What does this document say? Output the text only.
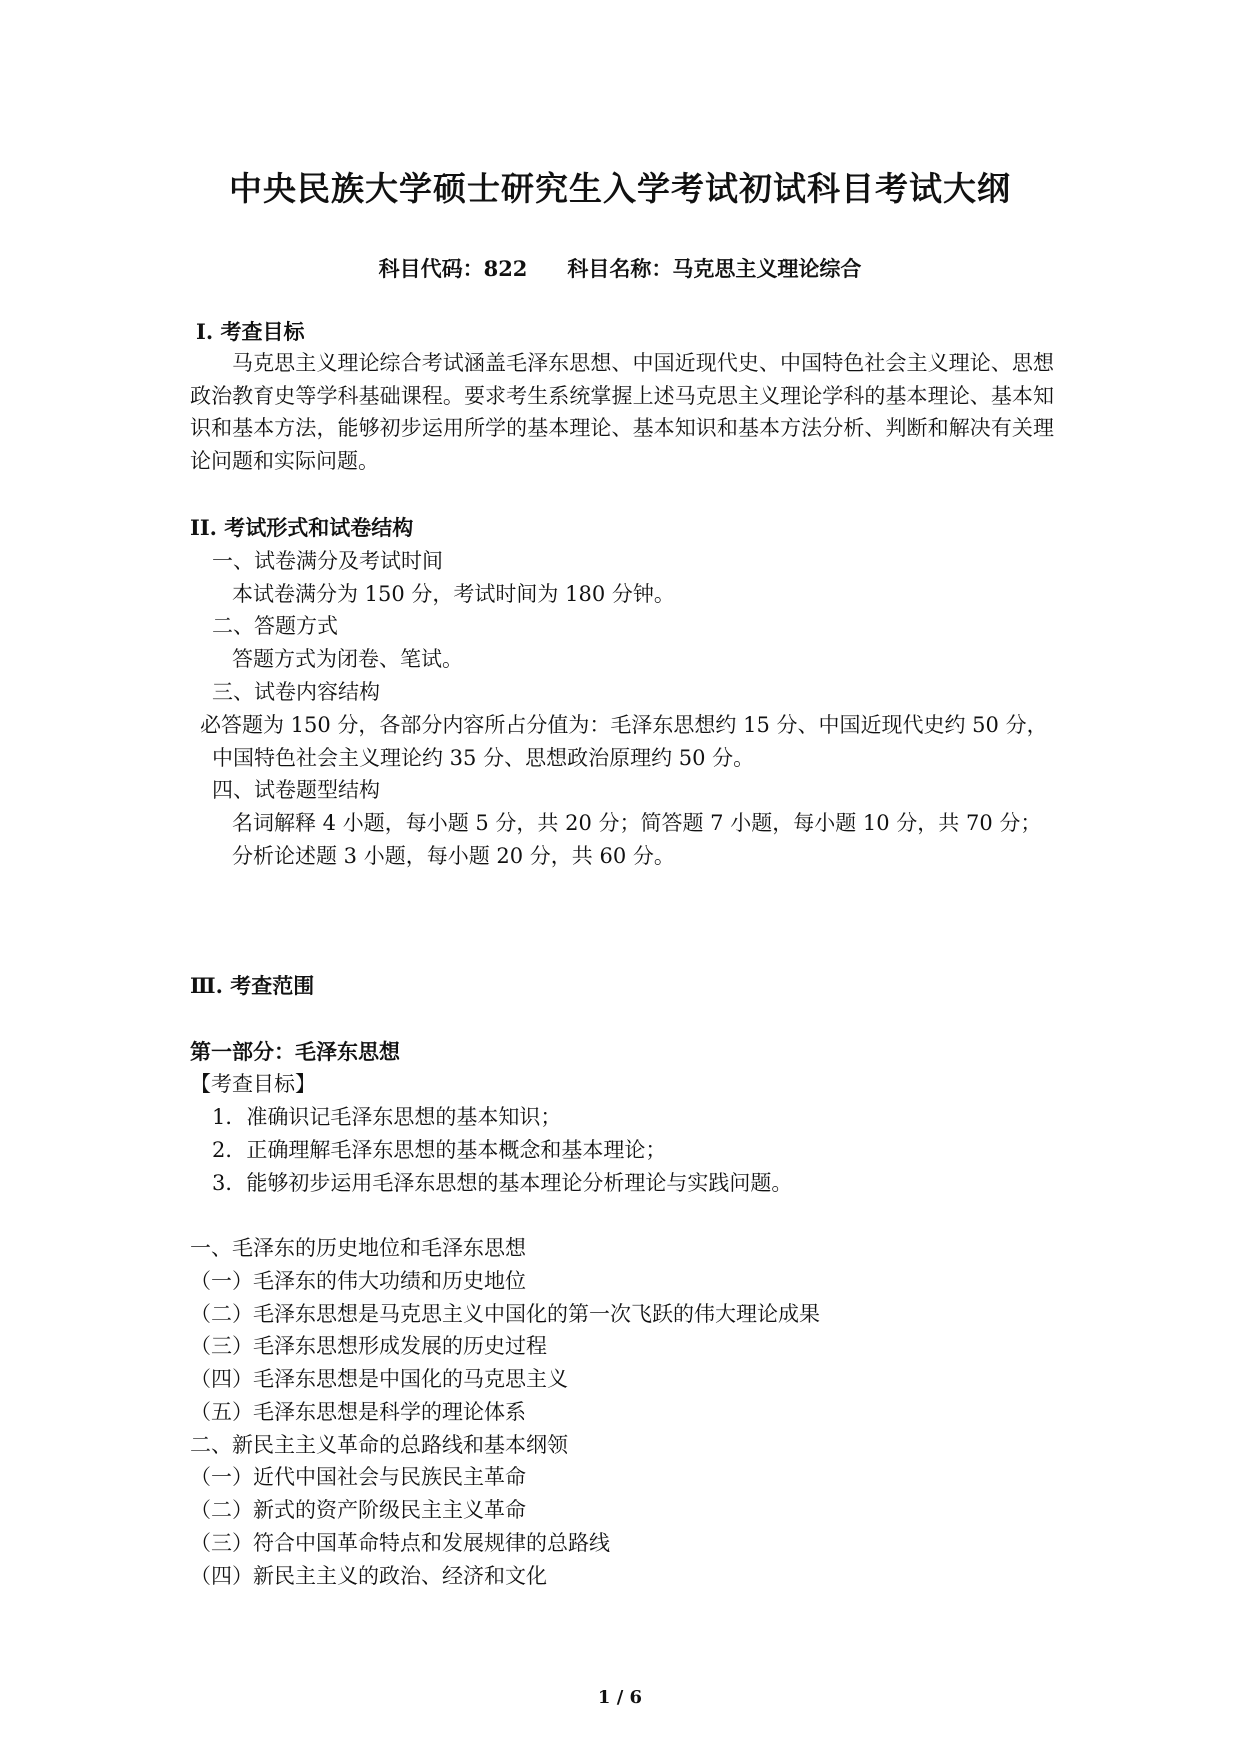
中央民族大学硕士研究生入学考试初试科目考试大纲
科目代码：822 科目名称：马克思主义理论综合
I. 考查目标
马克思主义理论综合考试涵盖毛泽东思想、中国近现代史、中国特色社会主义理论、思想政治教育史等学科基础课程。要求考生系统掌握上述马克思主义理论学科的基本理论、基本知识和基本方法，能够初步运用所学的基本理论、基本知识和基本方法分析、判断和解决有关理论问题和实际问题。
II. 考试形式和试卷结构
一、试卷满分及考试时间
本试卷满分为 150 分，考试时间为 180 分钟。
二、答题方式
答题方式为闭卷、笔试。
三、试卷内容结构
必答题为 150 分，各部分内容所占分值为：毛泽东思想约 15 分、中国近现代史约 50 分，
中国特色社会主义理论约 35 分、思想政治原理约 50 分。
四、试卷题型结构
名词解释 4 小题，每小题 5 分，共 20 分；简答题 7 小题，每小题 10 分，共 70 分；
分析论述题 3 小题，每小题 20 分，共 60 分。
Ⅲ. 考查范围
第一部分：毛泽东思想
【考查目标】
1．准确识记毛泽东思想的基本知识；
2．正确理解毛泽东思想的基本概念和基本理论；
3．能够初步运用毛泽东思想的基本理论分析理论与实践问题。
一、毛泽东的历史地位和毛泽东思想
（一）毛泽东的伟大功绩和历史地位
（二）毛泽东思想是马克思主义中国化的第一次飞跃的伟大理论成果
（三）毛泽东思想形成发展的历史过程
（四）毛泽东思想是中国化的马克思主义
（五）毛泽东思想是科学的理论体系
二、新民主主义革命的总路线和基本纲领
（一）近代中国社会与民族民主革命
（二）新式的资产阶级民主主义革命
（三）符合中国革命特点和发展规律的总路线
（四）新民主主义的政治、经济和文化
1 / 6
